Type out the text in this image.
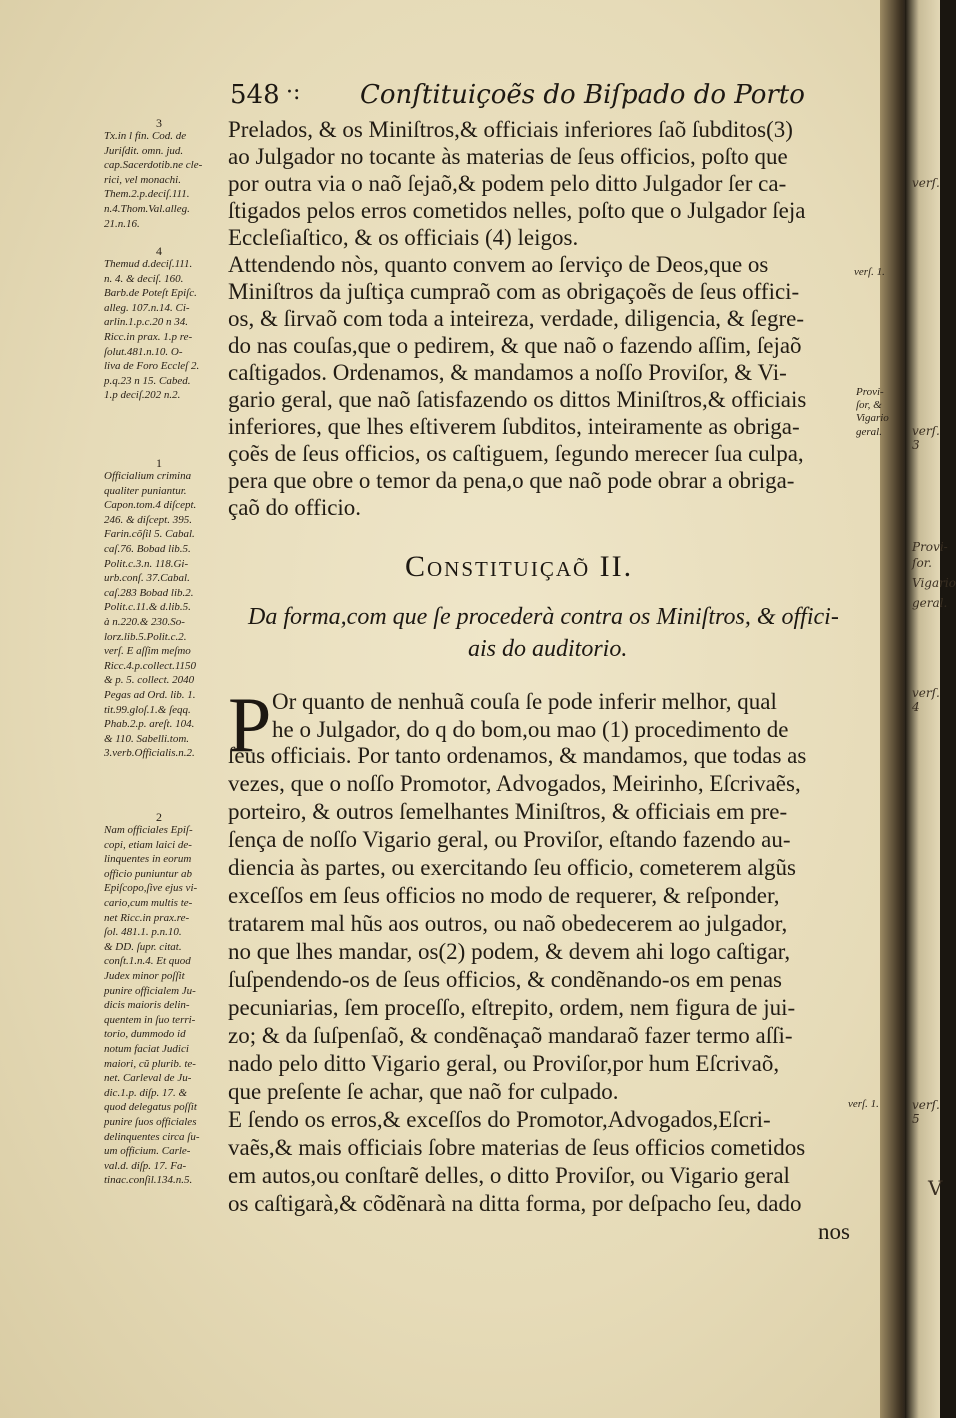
verſ.
verſ. 3
Provi-
ſor.
Vigario
geral.
verſ. 4
verſ. 5
V
548 ·: Conſtituiçoẽs do Biſpado do Porto
Prelados, & os Miniſtros,& officiais inferiores ſaõ ſubditos(3)
ao Julgador no tocante às materias de ſeus officios, poſto que
por outra via o naõ ſejaõ,& podem pelo ditto Julgador ſer ca-
ſtigados pelos erros cometidos nelles, poſto que o Julgador ſeja
Eccleſiaſtico, & os officiais (4) leigos.
Attendendo nòs, quanto convem ao ſerviço de Deos,que os
Miniſtros da juſtiça cumpraõ com as obrigaçoẽs de ſeus offici-
os, & ſirvaõ com toda a inteireza, verdade, diligencia, & ſegre-
do nas couſas,que o pedirem, & que naõ o fazendo aſſim, ſejaõ
caſtigados. Ordenamos, & mandamos a noſſo Proviſor, & Vi-
gario geral, que naõ ſatisfazendo os dittos Miniſtros,& officiais
inferiores, que lhes eſtiverem ſubditos, inteiramente as obriga-
çoẽs de ſeus officios, os caſtiguem, ſegundo merecer ſua culpa,
pera que obre o temor da pena,o que naõ pode obrar a obriga-
çaõ do officio.
Constituiçaõ II.
Da forma,com que ſe procederà contra os Miniſtros, & offici-
ais do auditorio.
P Or quanto de nenhuã couſa ſe pode inferir melhor, qual
he o Julgador, do q do bom,ou mao (1) procedimento de
ſeus officiais. Por tanto ordenamos, & mandamos, que todas as
vezes, que o noſſo Promotor, Advogados, Meirinho, Eſcrivaẽs,
porteiro, & outros ſemelhantes Miniſtros, & officiais em pre-
ſença de noſſo Vigario geral, ou Proviſor, eſtando fazendo au-
diencia às partes, ou exercitando ſeu officio, cometerem algũs
exceſſos em ſeus officios no modo de requerer, & reſponder,
tratarem mal hũs aos outros, ou naõ obedecerem ao julgador,
no que lhes mandar, os(2) podem, & devem ahi logo caſtigar,
ſuſpendendo-os de ſeus officios, & condẽnando-os em penas
pecuniarias, ſem proceſſo, eſtrepito, ordem, nem figura de jui-
zo; & da ſuſpenſaõ, & condẽnaçaõ mandaraõ fazer termo aſſi-
nado pelo ditto Vigario geral, ou Proviſor,por hum Eſcrivaõ,
que preſente ſe achar, que naõ for culpado.
E ſendo os erros,& exceſſos do Promotor,Advogados,Eſcri-
vaẽs,& mais officiais ſobre materias de ſeus officios cometidos
em autos,ou conſtarẽ delles, o ditto Proviſor, ou Vigario geral
os caſtigarà,& cõdẽnarà na ditta forma, por deſpacho ſeu, dado
nos
3
Tx.in l fin. Cod. de
Juriſdit. omn. jud.
cap.Sacerdotib.ne cle-
rici, vel monachi.
Them.2.p.deciſ.111.
n.4.Thom.Val.alleg.
21.n.16.
4
Themud d.deciſ.111.
n. 4. & deciſ. 160.
Barb.de Poteſt Epiſc.
alleg. 107.n.14. Ci-
arlin.1.p.c.20 n 34.
Ricc.in prax. 1.p re-
ſolut.481.n.10. O-
liva de Foro Eccleſ 2.
p.q.23 n 15. Cabed.
1.p deciſ.202 n.2.
1
Officialium crimina
qualiter puniantur.
Capon.tom.4 diſcept.
246. & diſcept. 395.
Farin.cõſil 5. Cabal.
caſ.76. Bobad lib.5.
Polit.c.3.n. 118.Gi-
urb.conſ. 37.Cabal.
caſ.283 Bobad lib.2.
Polit.c.11.& d.lib.5.
à n.220.& 230.So-
lorz.lib.5.Polit.c.2.
verſ. E aſſim meſmo
Ricc.4.p.collect.1150
& p. 5. collect. 2040
Pegas ad Ord. lib. 1.
tit.99.gloſ.1.& ſeqq.
Phab.2.p. areſt. 104.
& 110. Sabelli.tom.
3.verb.Officialis.n.2.
2
Nam officiales Epiſ-
copi, etiam laici de-
linquentes in eorum
officio puniuntur ab
Epiſcopo,ſive ejus vi-
cario,cum multis te-
net Ricc.in prax.re-
ſol. 481.1. p.n.10.
& DD. ſupr. citat.
conſt.1.n.4. Et quod
Judex minor poſſit
punire officialem Ju-
dicis maioris delin-
quentem in ſuo terri-
torio, dummodo id
notum faciat Judici
maiori, cũ plurib. te-
net. Carleval de Ju-
dic.1.p. diſp. 17. &
quod delegatus poſſit
punire ſuos officiales
delinquentes circa ſu-
um officium. Carle-
val.d. diſp. 17. Fa-
tinac.conſil.134.n.5.
verſ. 1.
Provi-
ſor, &
Vigario
geral.
verſ. 1.
